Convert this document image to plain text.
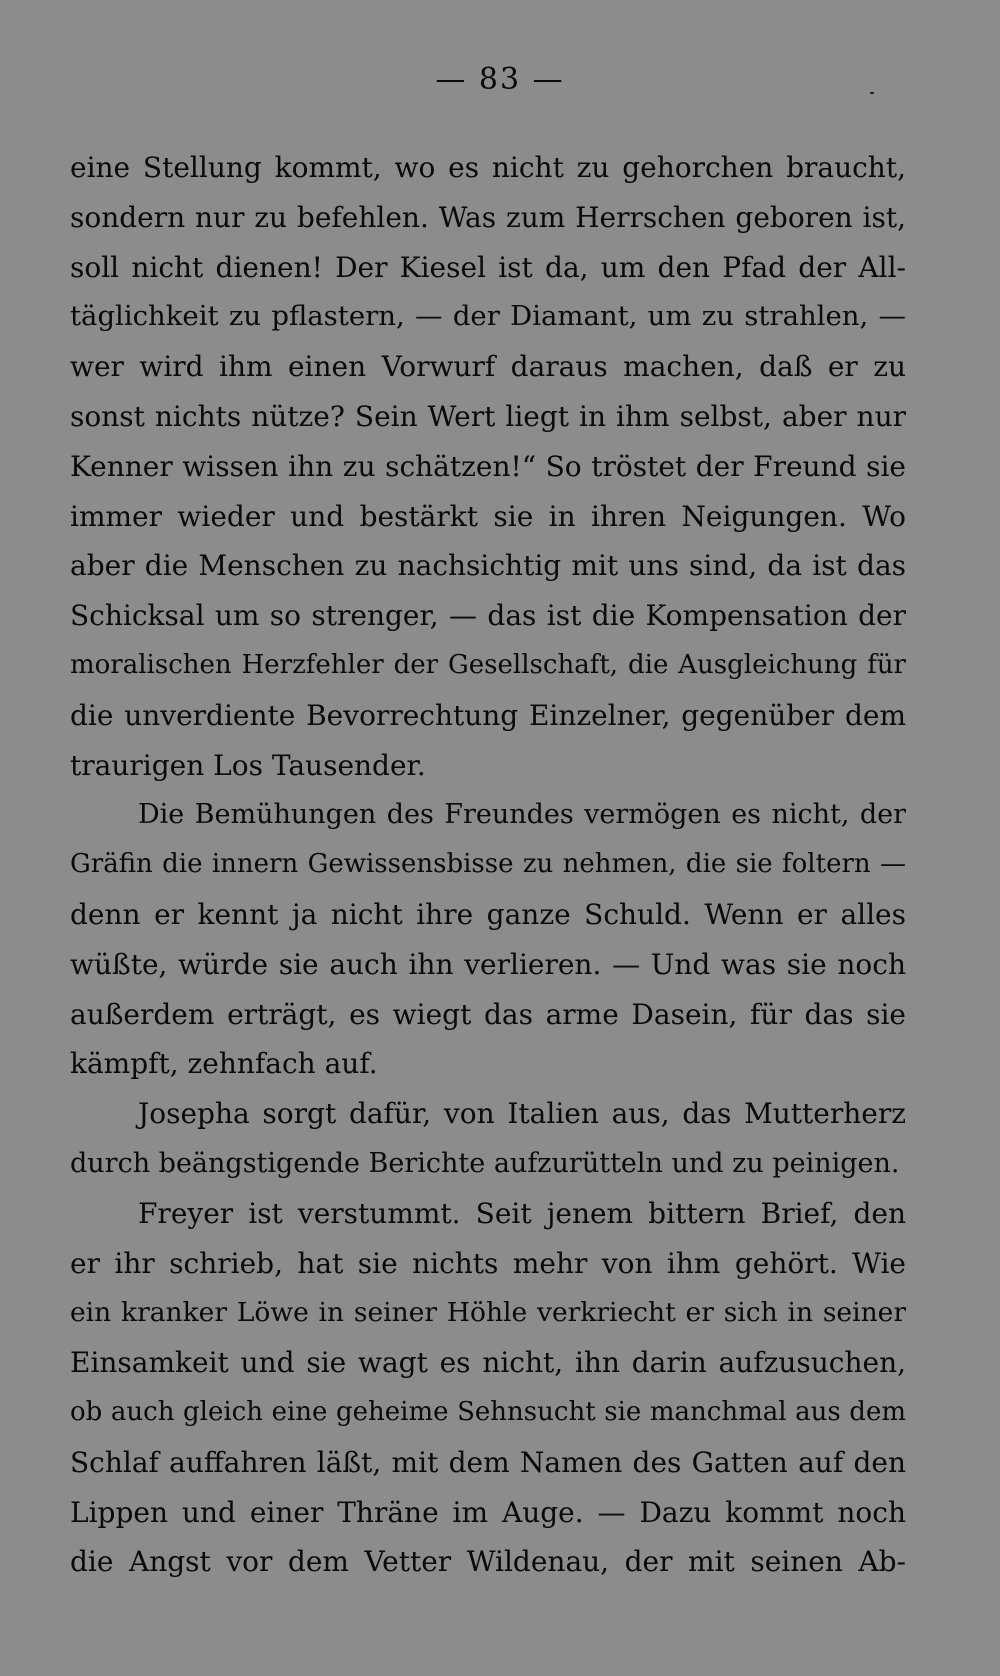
— 83 —
eine Stellung kommt, wo es nicht zu gehorchen braucht,
sondern nur zu befehlen. Was zum Herrschen geboren ist,
soll nicht dienen! Der Kiesel ist da, um den Pfad der All-
täglichkeit zu pflastern, — der Diamant, um zu strahlen, —
wer wird ihm einen Vorwurf daraus machen, daß er zu
sonst nichts nütze? Sein Wert liegt in ihm selbst, aber nur
Kenner wissen ihn zu schätzen!“ So tröstet der Freund sie
immer wieder und bestärkt sie in ihren Neigungen. Wo
aber die Menschen zu nachsichtig mit uns sind, da ist das
Schicksal um so strenger, — das ist die Kompensation der
moralischen Herzfehler der Gesellschaft, die Ausgleichung für
die unverdiente Bevorrechtung Einzelner, gegenüber dem
traurigen Los Tausender.
Die Bemühungen des Freundes vermögen es nicht, der
Gräfin die innern Gewissensbisse zu nehmen, die sie foltern —
denn er kennt ja nicht ihre ganze Schuld. Wenn er alles
wüßte, würde sie auch ihn verlieren. — Und was sie noch
außerdem erträgt, es wiegt das arme Dasein, für das sie
kämpft, zehnfach auf.
Josepha sorgt dafür, von Italien aus, das Mutterherz
durch beängstigende Berichte aufzurütteln und zu peinigen.
Freyer ist verstummt. Seit jenem bittern Brief, den
er ihr schrieb, hat sie nichts mehr von ihm gehört. Wie
ein kranker Löwe in seiner Höhle verkriecht er sich in seiner
Einsamkeit und sie wagt es nicht, ihn darin aufzusuchen,
ob auch gleich eine geheime Sehnsucht sie manchmal aus dem
Schlaf auffahren läßt, mit dem Namen des Gatten auf den
Lippen und einer Thräne im Auge. — Dazu kommt noch
die Angst vor dem Vetter Wildenau, der mit seinen Ab-
